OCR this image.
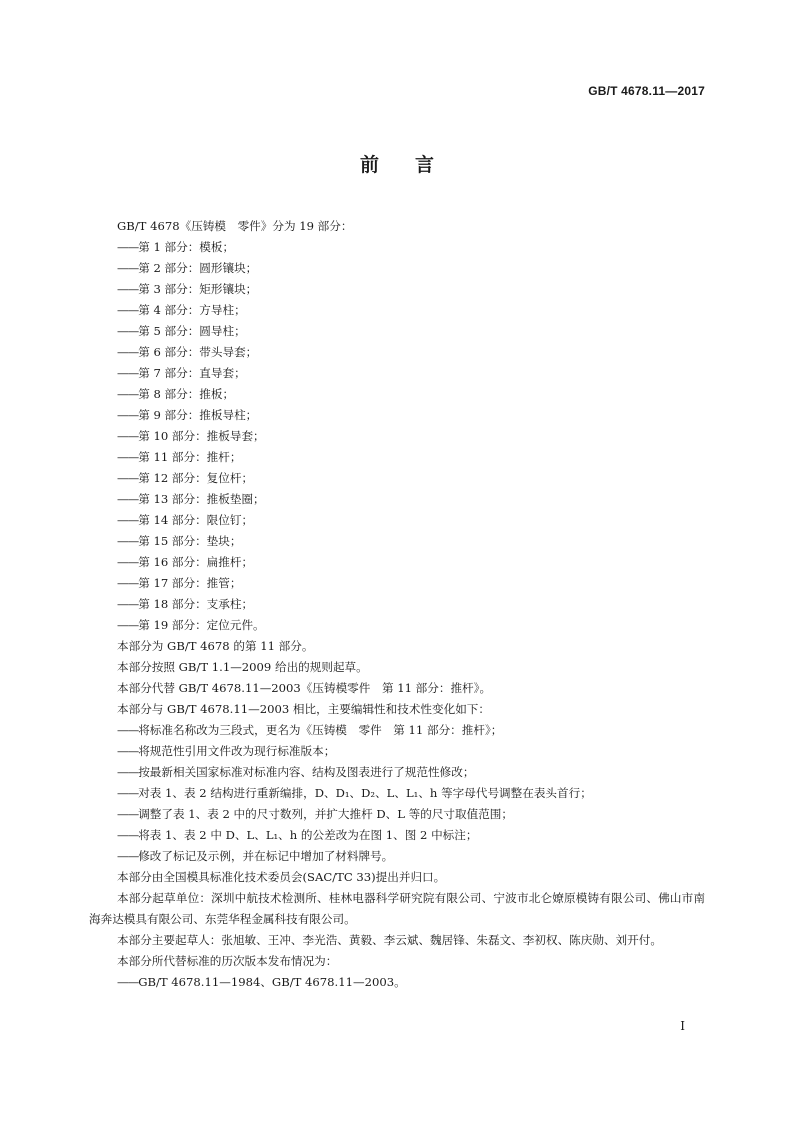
GB/T 4678.11—2017
前言

GB/T 4678《压铸模　零件》分为 19 部分：

——第 1 部分：模板；

——第 2 部分：圆形镶块；

——第 3 部分：矩形镶块；

——第 4 部分：方导柱；

——第 5 部分：圆导柱；

——第 6 部分：带头导套；

——第 7 部分：直导套；

——第 8 部分：推板；

——第 9 部分：推板导柱；

——第 10 部分：推板导套；

——第 11 部分：推杆；

——第 12 部分：复位杆；

——第 13 部分：推板垫圈；

——第 14 部分：限位钉；

——第 15 部分：垫块；

——第 16 部分：扁推杆；

——第 17 部分：推管；

——第 18 部分：支承柱；

——第 19 部分：定位元件。

本部分为 GB/T 4678 的第 11 部分。

本部分按照 GB/T 1.1—2009 给出的规则起草。

本部分代替 GB/T 4678.11—2003《压铸模零件　第 11 部分：推杆》。

本部分与 GB/T 4678.11—2003 相比，主要编辑性和技术性变化如下：

——将标准名称改为三段式，更名为《压铸模　零件　第 11 部分：推杆》；

——将规范性引用文件改为现行标准版本；

——按最新相关国家标准对标准内容、结构及图表进行了规范性修改；

——对表 1、表 2 结构进行重新编排，D、D₁、D₂、L、L₁、h 等字母代号调整在表头首行；

——调整了表 1、表 2 中的尺寸数列，并扩大推杆 D、L 等的尺寸取值范围；

——将表 1、表 2 中 D、L、L₁、h 的公差改为在图 1、图 2 中标注；

——修改了标记及示例，并在标记中增加了材料牌号。

本部分由全国模具标准化技术委员会(SAC/TC 33)提出并归口。

本部分起草单位：深圳中航技术检测所、桂林电器科学研究院有限公司、宁波市北仑嫽原模铸有限公司、佛山市南海奔达模具有限公司、东莞华程金属科技有限公司。

本部分主要起草人：张旭敏、王冲、李光浩、黄毅、李云斌、魏居锋、朱磊文、李初权、陈庆勋、刘开付。

本部分所代替标准的历次版本发布情况为：

——GB/T 4678.11—1984、GB/T 4678.11—2003。

I
